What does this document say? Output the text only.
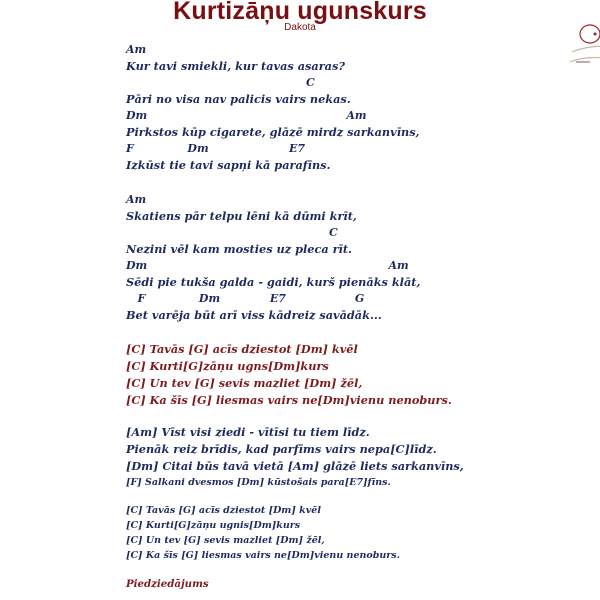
Kurtizāņu ugunskurs
Dakota
Am
Kur tavi smiekli, kur tavas asaras?
C
Pāri no visa nav palicis vairs nekas.
Dm                                                    Am
Pirkstos kūp cigarete, glāzē mirdz sarkanvīns,
F              Dm                     E7
Izkūst tie tavi sapņi kā parafīns.
Am
Skatiens pār telpu lēni kā dūmi krīt,
C
Nezini vēl kam mosties uz pleca rīt.
Dm                                                               Am
Sēdi pie tukša galda - gaidi, kurš pienāks klāt,
F              Dm             E7                  G
Bet varēja būt arī viss kādreiz savādāk...
[C] Tavās [G] acīs dziestot [Dm] kvēl
[C] Kurti[G]zāņu ugns[Dm]kurs
[C] Un tev [G] sevis mazliet [Dm] žēl,
[C] Ka šīs [G] liesmas vairs ne[Dm]vienu nenoburs.
[Am] Vīst visi ziedi - vītīsi tu tiem līdz.
Pienāk reiz brīdis, kad parfīms vairs nepa[C]līdz.
[Dm] Citai būs tavā vietā [Am] glāzē liets sarkanvīns,
[F] Salkani dvesmos [Dm] kūstošais para[E7]fīns.
[C] Tavās [G] acīs dziestot [Dm] kvēl
[C] Kurti[G]zāņu ugnis[Dm]kurs
[C] Un tev [G] sevis mazliet [Dm] žēl,
[C] Ka šīs [G] liesmas vairs ne[Dm]vienu nenoburs.
Piedziedājums
